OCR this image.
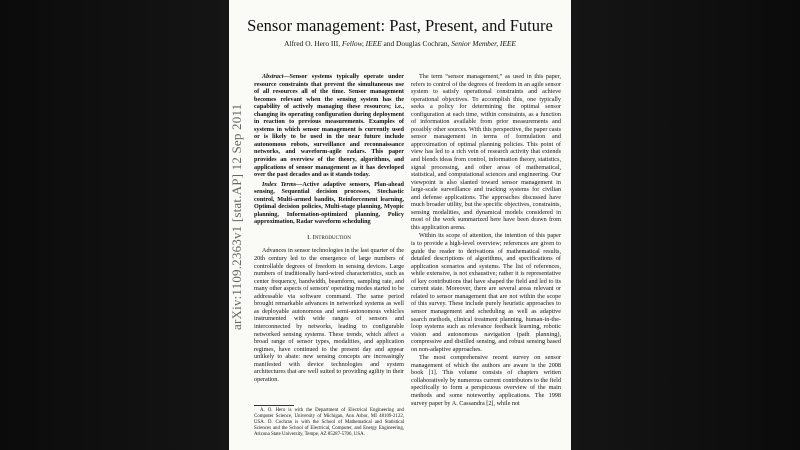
Sensor management: Past, Present, and Future
Alfred O. Hero III, Fellow, IEEE and Douglas Cochran, Senior Member, IEEE

Abstract—Sensor systems typically operate under resource constraints that prevent the simultaneous use of all resources all of the time. Sensor management becomes relevant when the sensing system has the capability of actively managing these resources; i.e., changing its operating configuration during deployment in reaction to previous measurements. Examples of systems in which sensor management is currently used or is likely to be used in the near future include autonomous robots, surveillance and reconnaissance networks, and waveform-agile radars. This paper provides an overview of the theory, algorithms, and applications of sensor management as it has developed over the past decades and as it stands today.

Index Terms—Active adaptive sensors, Plan-ahead sensing, Sequential decision processes, Stochastic control, Multi-armed bandits, Reinforcement learning, Optimal decision policies, Multi-stage planning, Myopic planning, Information-optimized planning, Policy approximation, Radar waveform scheduling

I. Introduction

Advances in sensor technologies in the last quarter of the 20th century led to the emergence of large numbers of controllable degrees of freedom in sensing devices. Large numbers of traditionally hard-wired characteristics, such as center frequency, bandwidth, beamform, sampling rate, and many other aspects of sensors' operating modes started to be addressable via software command. The same period brought remarkable advances in networked systems as well as deployable autonomous and semi-autonomous vehicles instrumented with wide ranges of sensors and interconnected by networks, leading to configurable networked sensing systems. These trends, which affect a broad range of sensor types, modalities, and application regimes, have continued to the present day and appear unlikely to abate: new sensing concepts are increasingly manifested with device technologies and system architectures that are well suited to providing agility in their operation.

A. O. Hero is with the Department of Electrical Engineering and Computer Science, University of Michigan, Ann Arbor, MI 48109-2122, USA. D. Cochran is with the School of Mathematical and Statistical Sciences and the School of Electrical, Computer, and Energy Engineering, Arizona State University, Tempe, AZ 85287-5706, USA.

The term “sensor management,” as used in this paper, refers to control of the degrees of freedom in an agile sensor system to satisfy operational constraints and achieve operational objectives. To accomplish this, one typically seeks a policy for determining the optimal sensor configuration at each time, within constraints, as a function of information available from prior measurements and possibly other sources. With this perspective, the paper casts sensor management in terms of formulation and approximation of optimal planning policies. This point of view has led to a rich vein of research activity that extends and blends ideas from control, information theory, statistics, signal processing, and other areas of mathematical, statistical, and computational sciences and engineering. Our viewpoint is also slanted toward sensor management in large-scale surveillance and tracking systems for civilian and defense applications. The approaches discussed have much broader utility, but the specific objectives, constraints, sensing modalities, and dynamical models considered in most of the work summarized here have been drawn from this application arena.

Within its scope of attention, the intention of this paper is to provide a high-level overview; references are given to guide the reader to derivations of mathematical results, detailed descriptions of algorithms, and specifications of application scenarios and systems. The list of references, while extensive, is not exhaustive; rather it is representative of key contributions that have shaped the field and led to its current state. Moreover, there are several areas relevant or related to sensor management that are not within the scope of this survey. These include purely heuristic approaches to sensor management and scheduling as well as adaptive search methods, clinical treatment planning, human-in-the-loop systems such as relevance feedback learning, robotic vision and autonomous navigation (path planning), compressive and distilled sensing, and robust sensing based on non-adaptive approaches.

The most comprehensive recent survey on sensor management of which the authors are aware is the 2008 book [1]. This volume consists of chapters written collaboratively by numerous current contributors to the field specifically to form a perspicuous overview of the main methods and some noteworthy applications. The 1998 survey paper by A. Cassandra [2], while not

arXiv:1109.2363v1 [stat.AP] 12 Sep 2011
